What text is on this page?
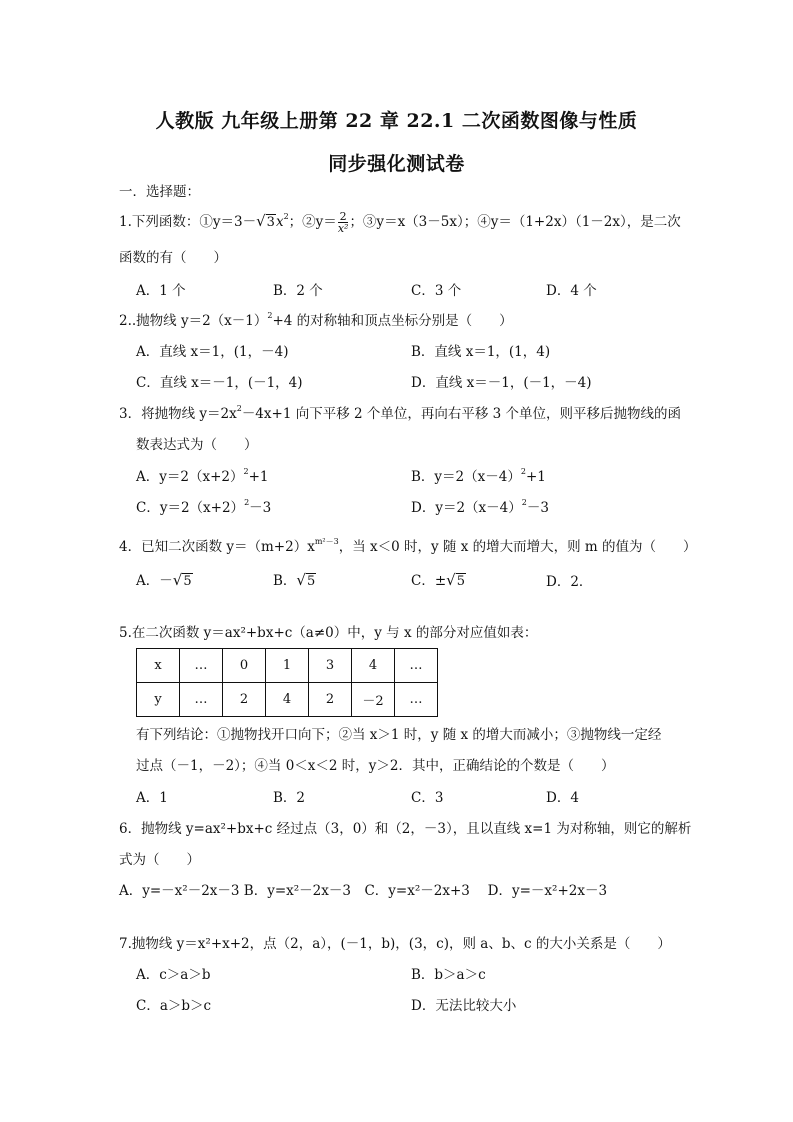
人教版 九年级上册第 22 章 22.1 二次函数图像与性质
同步强化测试卷
一．选择题：
1.下列函数：$①y=3-√3x^2$；②y＝ $\frac{2}{\text{x²}}$ ；③y＝x（3－5x）；④y＝（1+2x）（1－2x），是二次
函数的有（　　）
A．1 个	B．2 个	C．3 个	D．4 个
2..抛物线 $y=2(x-1)^2+4$ 的对称轴和顶点坐标分别是（　　）
A．直线 x＝1，(1，－4)	B．直线 x＝1，(1，4)
C．直线 x＝－1，(－1，4)	D．直线 x＝－1，(－1，－4)
3．将抛物线 $y=2x^2-4x+1$ 向下平移 2 个单位，再向右平移 3 个单位，则平移后抛物线的函
数表达式为（　　）
A．$y=2(x+2)^2+1$	B．$y=2(x-4)^2+1$
C．$y=2(x+2)^2-3$	D．$y=2(x-4)^2-3$
4．已知二次函数 $y=(m+2)x^{m^2-3}$，当 x＜0 时，y 随 x 的增大而增大，则 m 的值为（　　）
A．－√5	B．√5	C．±√5	D．2．
5.在二次函数 y＝ax²+bx+c（a≠0）中，y 与 x 的部分对应值如表：
x	…	0	1	3	4	…
y	…	2	4	2	－2	…
有下列结论：①抛物找开口向下；②当 x＞1 时，y 随 x 的增大而减小；③抛物线一定经
过点（－1，－2）；④当 0＜x＜2 时，y＞2．其中，正确结论的个数是（　　）
A．1	B．2	C．3	D．4
6．抛物线 y=ax²+bx+c 经过点（3，0）和（2，－3），且以直线 x=1 为对称轴，则它的解析
式为（　　）
A．y=－x²－2x－3 B．y=x²－2x－3　C．y=x²－2x+3　 D．y=－x²+2x－3
7.抛物线 y＝x²+x+2，点（2，a），(－1，b)，(3，c)，则 a、b、c 的大小关系是（　　）
A．c＞a＞b	B．b＞a＞c
C．a＞b＞c	D．无法比较大小
